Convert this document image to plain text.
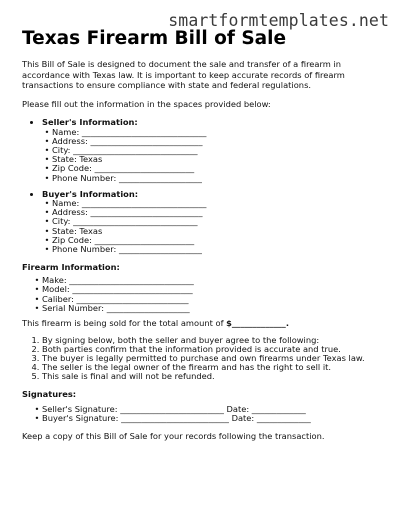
smartformtemplates.net
Texas Firearm Bill of Sale

This Bill of Sale is designed to document the sale and transfer of a firearm in accordance with Texas law. It is important to keep accurate records of firearm transactions to ensure compliance with state and federal regulations.

Please fill out the information in the spaces provided below:

• Seller's Information:
◦ Name: ______________________________
◦ Address: ___________________________
◦ City: ______________________________
◦ State: Texas
◦ Zip Code: ________________________
◦ Phone Number: ____________________
• Buyer's Information:
◦ Name: ______________________________
◦ Address: ___________________________
◦ City: ______________________________
◦ State: Texas
◦ Zip Code: ________________________
◦ Phone Number: ____________________
Firearm Information:
◦ Make: ______________________________
◦ Model: _____________________________
◦ Caliber: ___________________________
◦ Serial Number: ____________________

This firearm is being sold for the total amount of $_____________.

1. By signing below, both the seller and buyer agree to the following:
2. Both parties confirm that the information provided is accurate and true.
3. The buyer is legally permitted to purchase and own firearms under Texas law.
4. The seller is the legal owner of the firearm and has the right to sell it.
5. This sale is final and will not be refunded.
Signatures:
◦ Seller's Signature: _________________________ Date: _____________
◦ Buyer's Signature: __________________________ Date: _____________

Keep a copy of this Bill of Sale for your records following the transaction.
